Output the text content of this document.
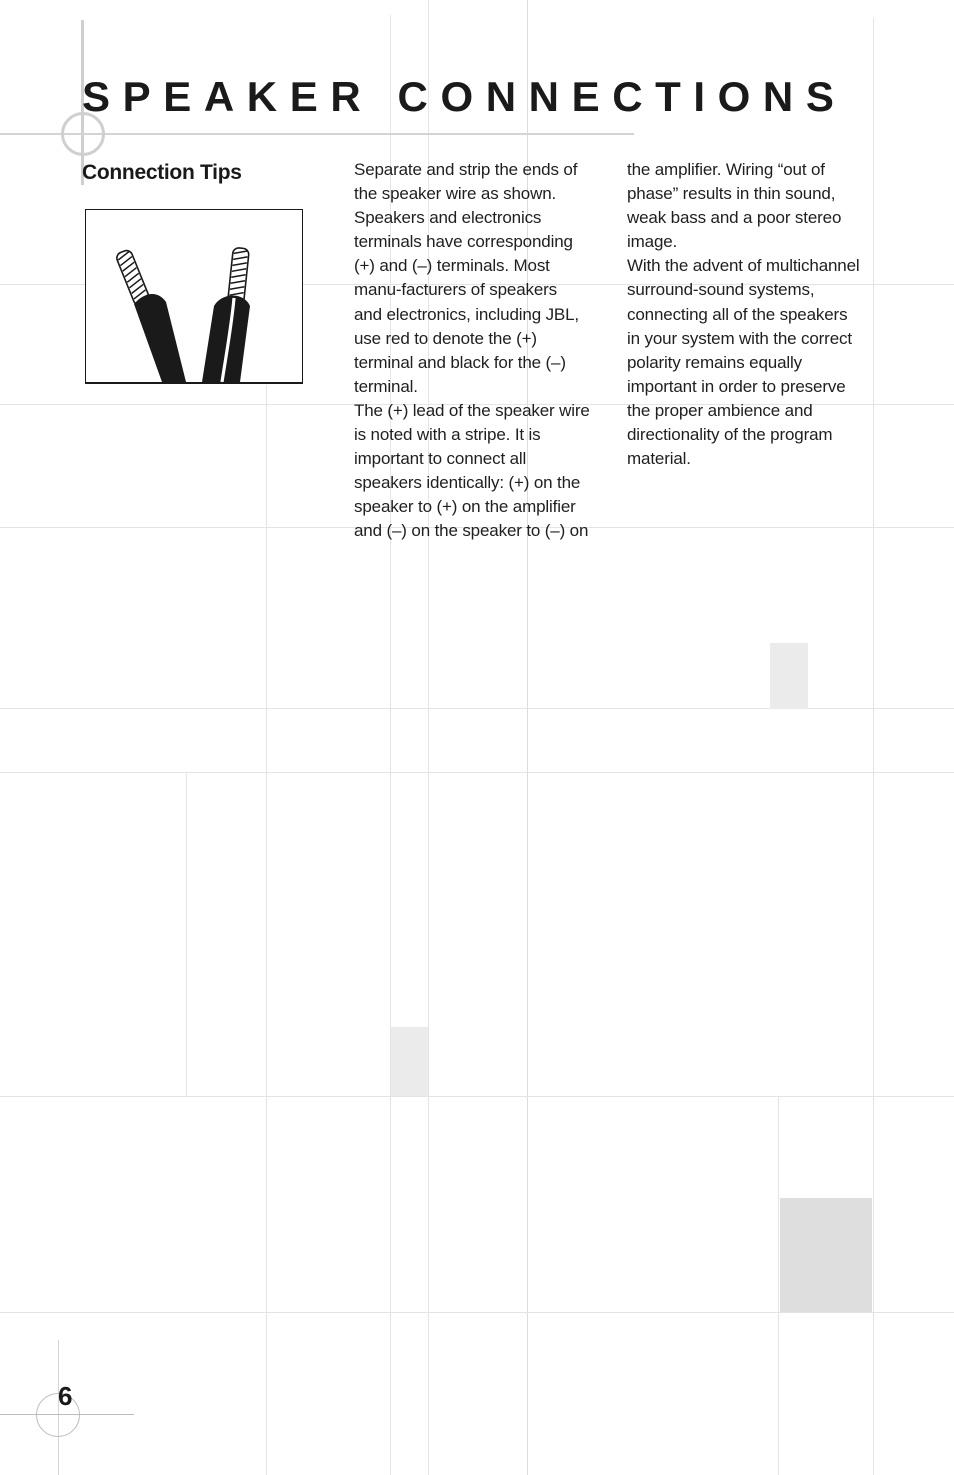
SPEAKER CONNECTIONS
Connection Tips	Separate and strip the ends of

the speaker wire as shown.

Speakers and electronics

terminals have corresponding

(+) and (–) terminals. Most

manu-facturers of speakers

and electronics, including JBL,

use red to denote the (+)

terminal and black for the (–)

terminal.

The (+) lead of the speaker wire

is noted with a stripe. It is

important to connect all

speakers identically: (+) on the

speaker to (+) on the amplifier

and (–) on the speaker to (–) on

the amplifier. Wiring “out of

phase” results in thin sound,

weak bass and a poor stereo

image.

With the advent of multichannel

surround-sound systems,

connecting all of the speakers

in your system with the correct

polarity remains equally

important in order to preserve

the proper ambience and

directionality of the program

material.

6
